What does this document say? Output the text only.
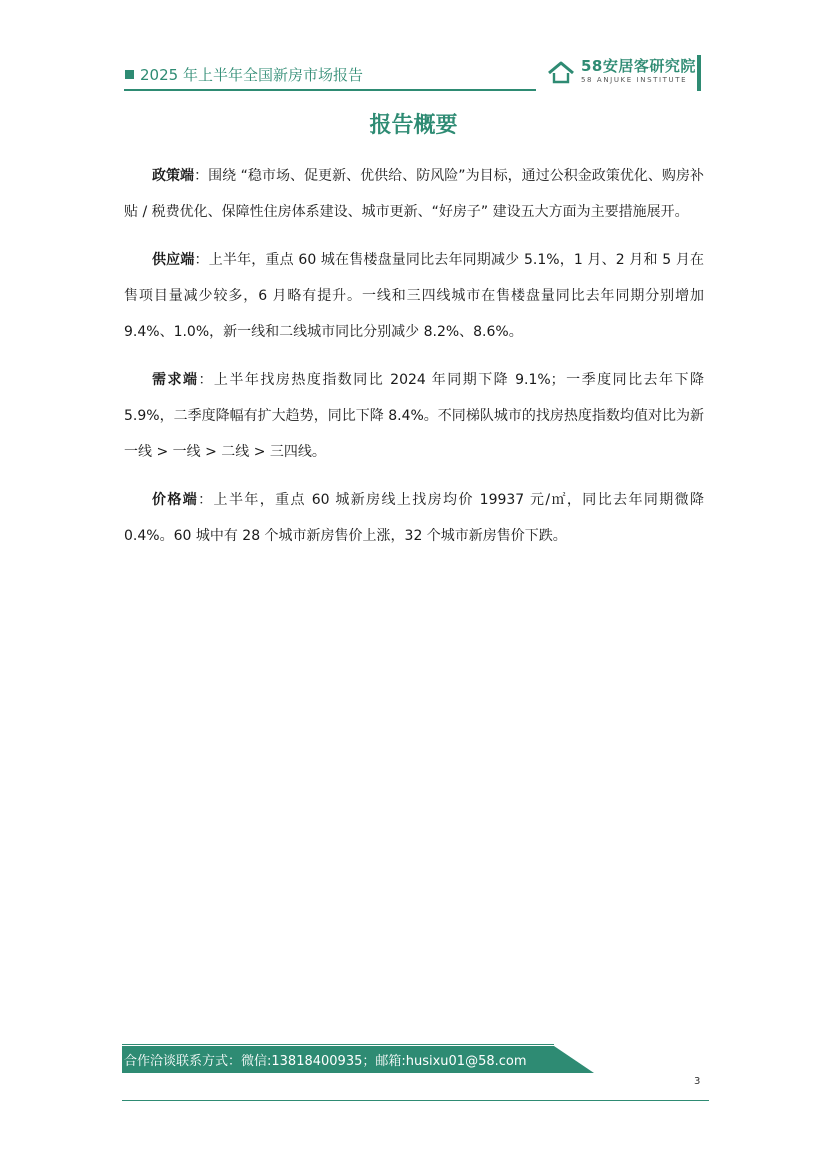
2025 年上半年全国新房市场报告	58安居客研究院
58 ANJUKE INSTITUTE
报告概要

政策端：围绕 “稳市场、促更新、优供给、防风险”为目标，通过公积金政策优化、购房补贴 / 税费优化、保障性住房体系建设、城市更新、“好房子” 建设五大方面为主要措施展开。

供应端：上半年，重点 60 城在售楼盘量同比去年同期减少 5.1%，1 月、2 月和 5 月在售项目量减少较多，6 月略有提升。一线和三四线城市在售楼盘量同比去年同期分别增加 9.4%、1.0%，新一线和二线城市同比分别减少 8.2%、8.6%。

需求端：上半年找房热度指数同比 2024 年同期下降 9.1%；一季度同比去年下降 5.9%，二季度降幅有扩大趋势，同比下降 8.4%。不同梯队城市的找房热度指数均值对比为新一线 > 一线 > 二线 > 三四线。

价格端：上半年，重点 60 城新房线上找房均价 19937 元/㎡，同比去年同期微降 0.4%。60 城中有 28 个城市新房售价上涨，32 个城市新房售价下跌。

合作洽谈联系方式：微信:13818400935；邮箱:husixu01@58.com
3
